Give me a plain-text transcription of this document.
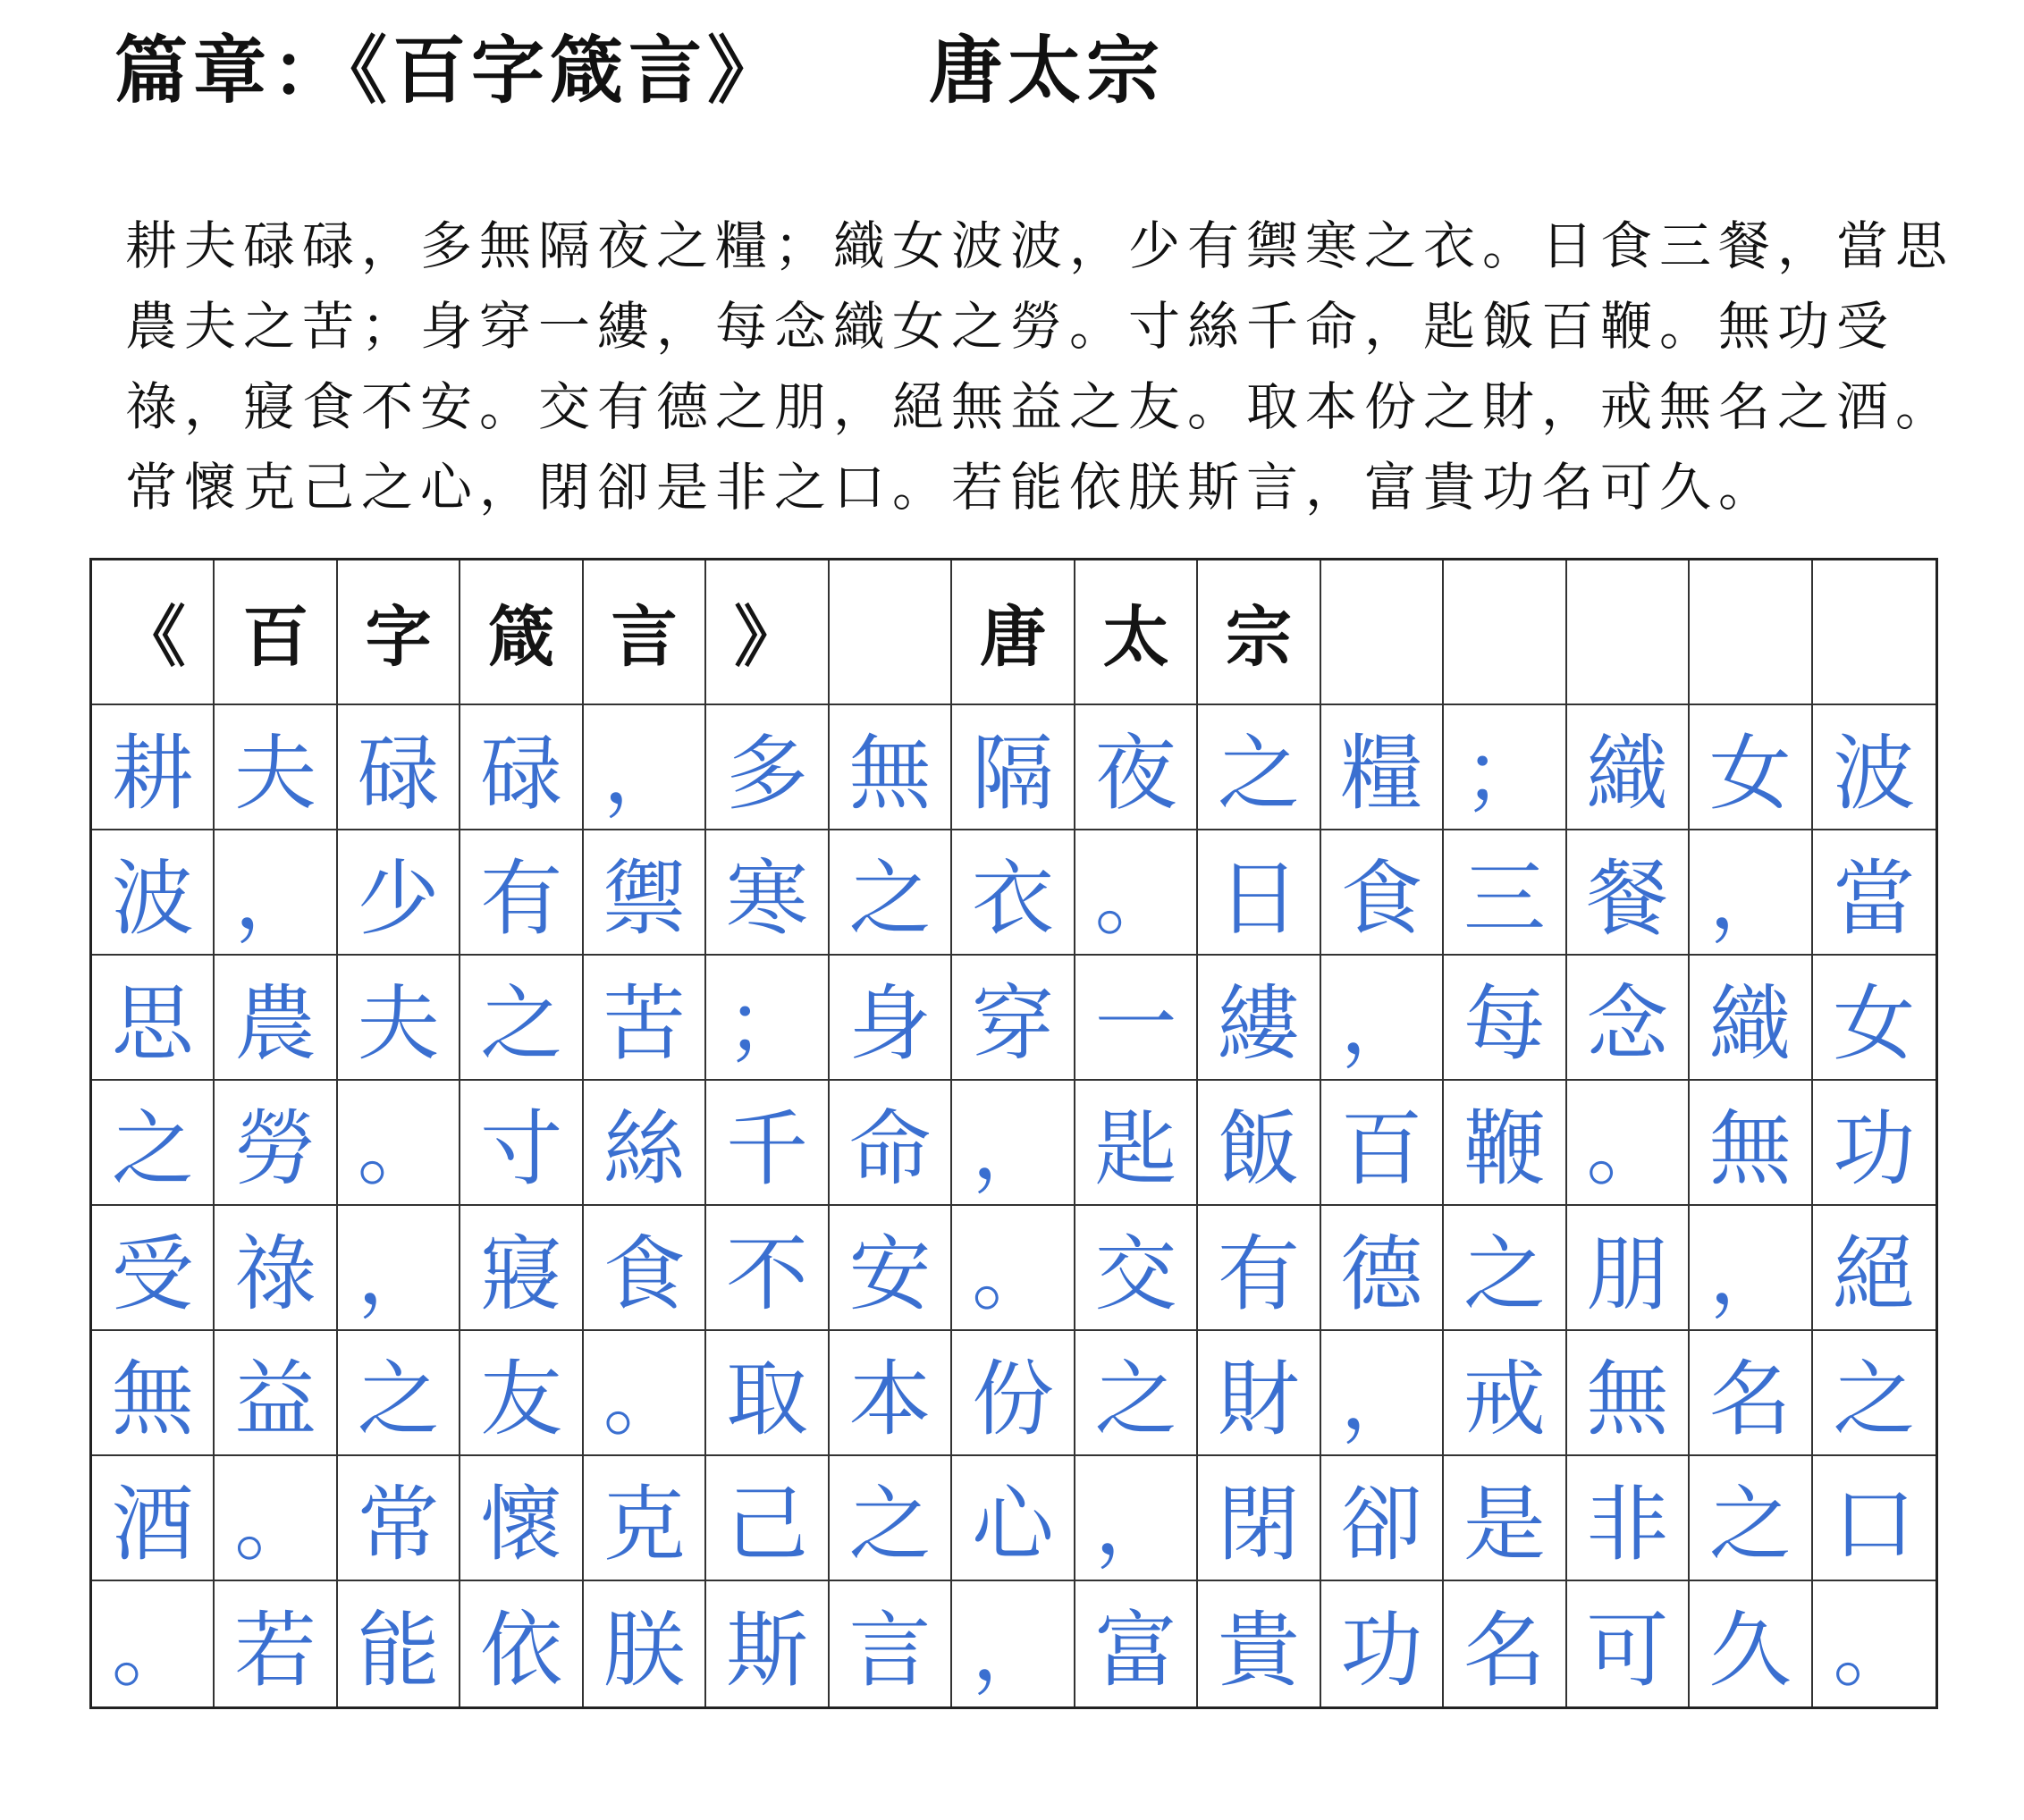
篇章：《百字箴言》 唐太宗
耕夫碌碌，多無隔夜之糧；織女波波，少有禦寒之衣。日食三餐，當思
農夫之苦；身穿一縷，每念織女之勞。寸絲千命，匙飯百鞭。無功受
祿，寢食不安。交有德之朋，絕無益之友。取本份之財，戒無名之酒。
常懷克己之心，閉卻是非之口。若能依朕斯言，富貴功名可久。
《 百 字 箴 言 》	唐 太 宗
耕 夫 碌 碌 ， 多 無 隔 夜 之 糧 ； 織 女 波
波 ， 少 有 禦 寒 之 衣 。 日 食 三 餐 ， 當
思 農 夫 之 苦 ； 身 穿 一 縷 ， 每 念 織 女
之 勞 。 寸 絲 千 命 ， 匙 飯 百 鞭 。 無 功
受 祿 ， 寢 食 不 安 。 交 有 德 之 朋 ， 絕
無 益 之 友 。 取 本 份 之 財 ， 戒 無 名 之
酒 。 常 懷 克 己 之 心 ， 閉 卻 是 非 之 口
。 若 能 依 朕 斯 言 ， 富 貴 功 名 可 久 。
